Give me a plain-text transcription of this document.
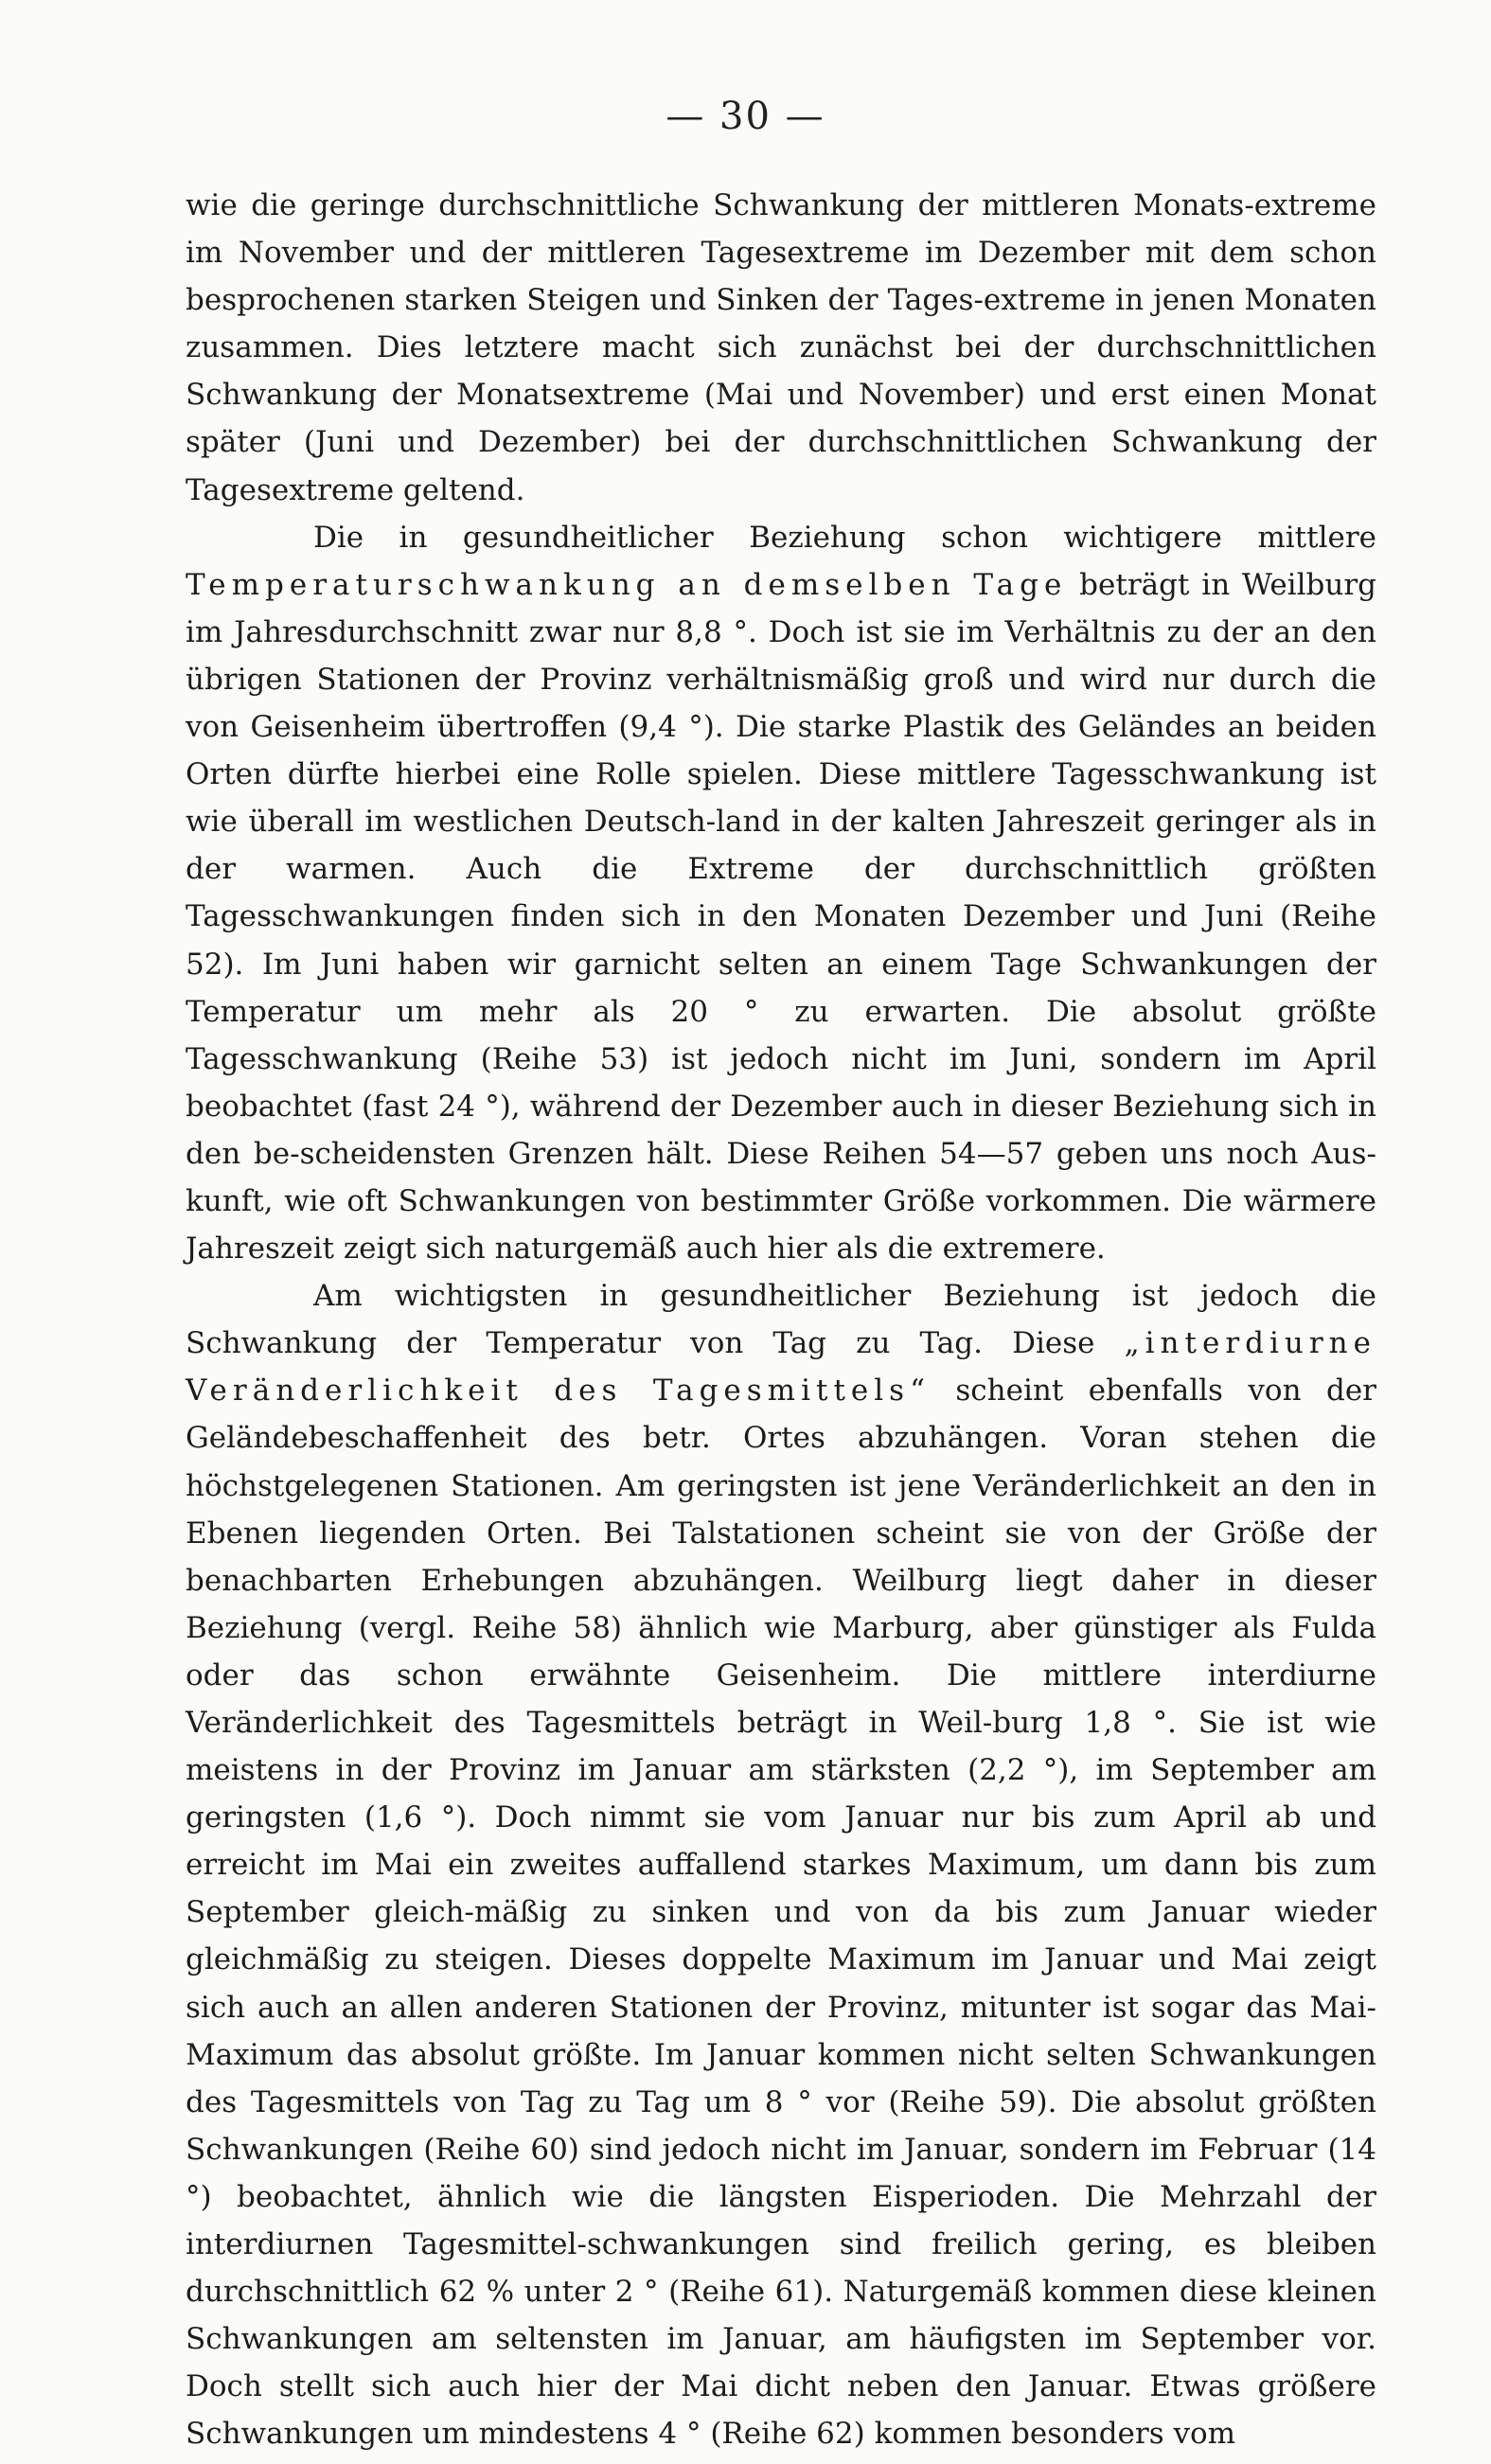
— 30 —

wie die geringe durchschnittliche Schwankung der mittleren Monats-extreme im November und der mittleren Tagesextreme im Dezember mit dem schon besprochenen starken Steigen und Sinken der Tages-extreme in jenen Monaten zusammen. Dies letztere macht sich zunächst bei der durchschnittlichen Schwankung der Monatsextreme (Mai und November) und erst einen Monat später (Juni und Dezember) bei der durchschnittlichen Schwankung der Tagesextreme geltend.

Die in gesundheitlicher Beziehung schon wichtigere mittlere Temperaturschwankung an demselben Tage beträgt in Weilburg im Jahresdurchschnitt zwar nur 8,8 °. Doch ist sie im Verhältnis zu der an den übrigen Stationen der Provinz verhältnismäßig groß und wird nur durch die von Geisenheim übertroffen (9,4 °). Die starke Plastik des Geländes an beiden Orten dürfte hierbei eine Rolle spielen. Diese mittlere Tagesschwankung ist wie überall im westlichen Deutsch-land in der kalten Jahreszeit geringer als in der warmen. Auch die Extreme der durchschnittlich größten Tagesschwankungen finden sich in den Monaten Dezember und Juni (Reihe 52). Im Juni haben wir garnicht selten an einem Tage Schwankungen der Temperatur um mehr als 20 ° zu erwarten. Die absolut größte Tagesschwankung (Reihe 53) ist jedoch nicht im Juni, sondern im April beobachtet (fast 24 °), während der Dezember auch in dieser Beziehung sich in den be-scheidensten Grenzen hält. Diese Reihen 54—57 geben uns noch Aus-kunft, wie oft Schwankungen von bestimmter Größe vorkommen. Die wärmere Jahreszeit zeigt sich naturgemäß auch hier als die extremere.

Am wichtigsten in gesundheitlicher Beziehung ist jedoch die Schwankung der Temperatur von Tag zu Tag. Diese „interdiurne Veränderlichkeit des Tagesmittels“ scheint ebenfalls von der Geländebeschaffenheit des betr. Ortes abzuhängen. Voran stehen die höchstgelegenen Stationen. Am geringsten ist jene Veränderlichkeit an den in Ebenen liegenden Orten. Bei Talstationen scheint sie von der Größe der benachbarten Erhebungen abzuhängen. Weilburg liegt daher in dieser Beziehung (vergl. Reihe 58) ähnlich wie Marburg, aber günstiger als Fulda oder das schon erwähnte Geisenheim. Die mittlere interdiurne Veränderlichkeit des Tagesmittels beträgt in Weil-burg 1,8 °. Sie ist wie meistens in der Provinz im Januar am stärksten (2,2 °), im September am geringsten (1,6 °). Doch nimmt sie vom Januar nur bis zum April ab und erreicht im Mai ein zweites auffallend starkes Maximum, um dann bis zum September gleich-mäßig zu sinken und von da bis zum Januar wieder gleichmäßig zu steigen. Dieses doppelte Maximum im Januar und Mai zeigt sich auch an allen anderen Stationen der Provinz, mitunter ist sogar das Mai-Maximum das absolut größte. Im Januar kommen nicht selten Schwankungen des Tagesmittels von Tag zu Tag um 8 ° vor (Reihe 59). Die absolut größten Schwankungen (Reihe 60) sind jedoch nicht im Januar, sondern im Februar (14 °) beobachtet, ähnlich wie die längsten Eisperioden. Die Mehrzahl der interdiurnen Tagesmittel-schwankungen sind freilich gering, es bleiben durchschnittlich 62 % unter 2 ° (Reihe 61). Naturgemäß kommen diese kleinen Schwankungen am seltensten im Januar, am häufigsten im September vor. Doch stellt sich auch hier der Mai dicht neben den Januar. Etwas größere Schwankungen um mindestens 4 ° (Reihe 62) kommen besonders vom
